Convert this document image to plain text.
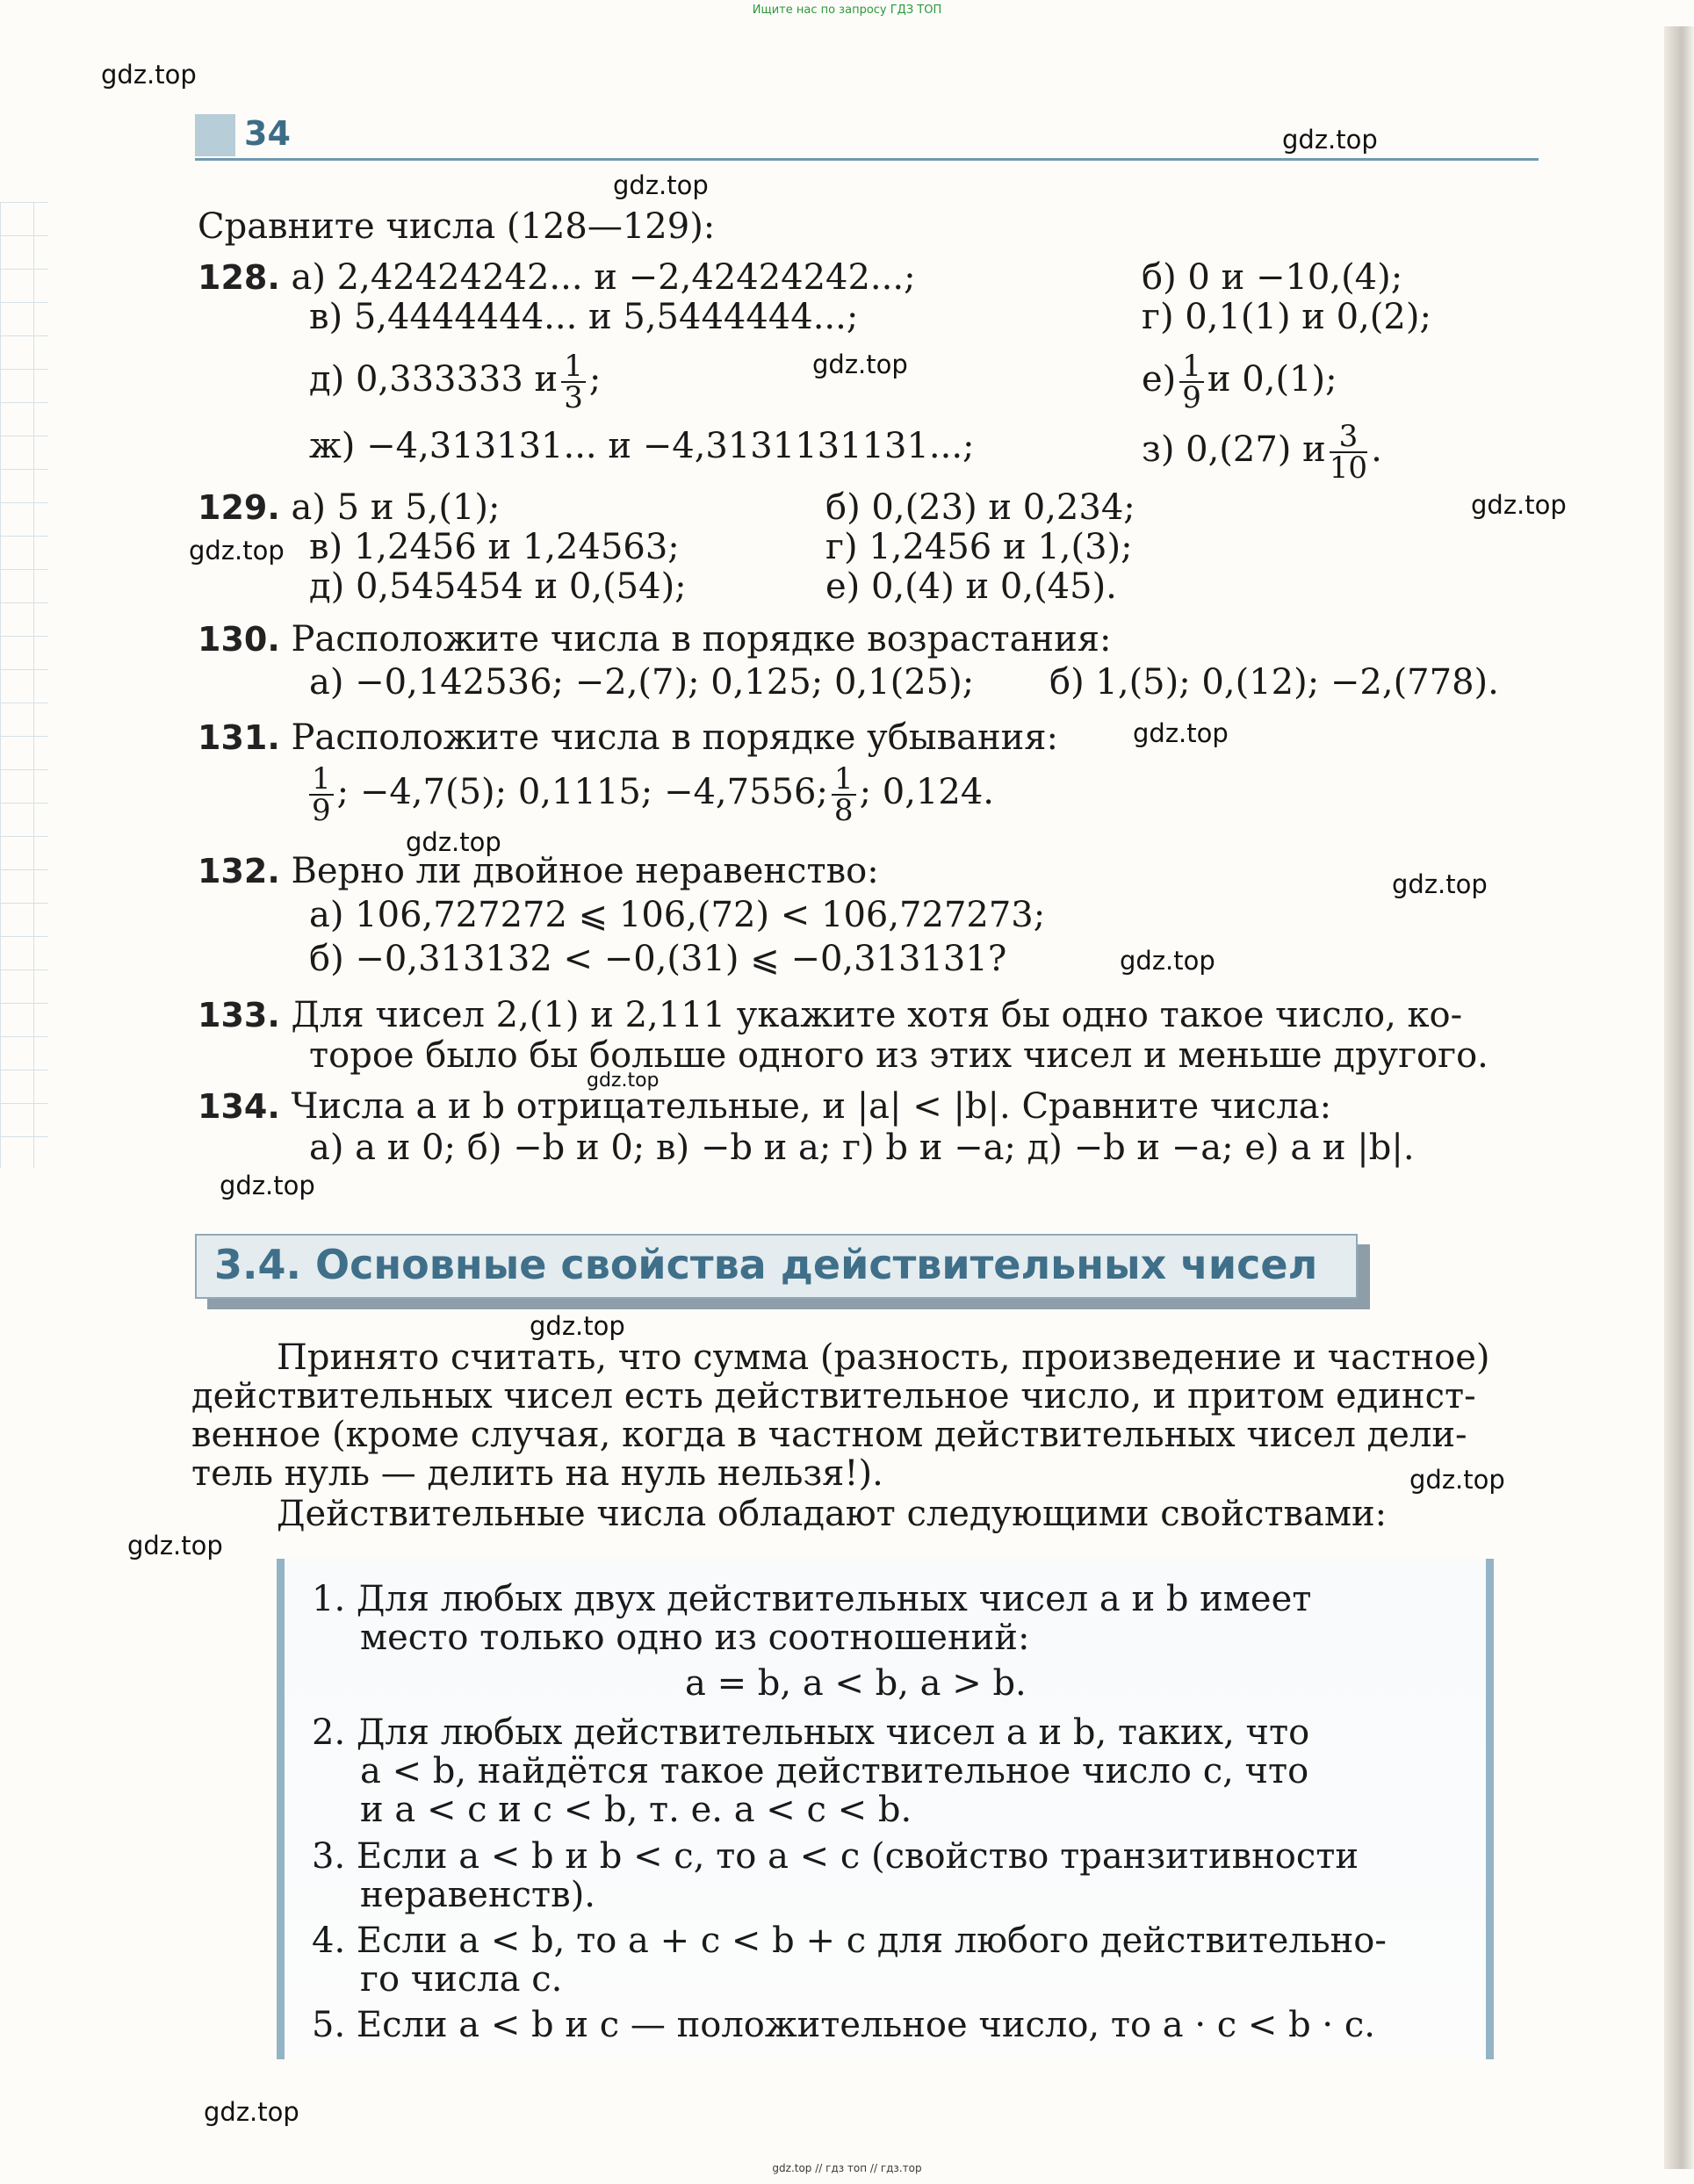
Ищите нас по запросу ГДЗ ТОП
gdz.top
gdz.top
gdz.top
gdz.top
gdz.top
gdz.top
gdz.top
gdz.top
gdz.top
gdz.top
gdz.top
gdz.top
gdz.top
gdz.top
gdz.top
gdz.top
34
Сравните числа (128—129):
128. а) 2,42424242... и −2,42424242...;	б) 0 и −10,(4);
в) 5,4444444... и 5,5444444...;	г) 0,1(1) и 0,(2);
д) 0,333333 и $\frac{1}{3}$ ;	$е) \frac{1}{9}$ и 0,(1);
ж) −4,313131... и −4,3131131131...;	з) 0,(27) и $\frac{3}{10}$ .
129. а) 5 и 5,(1);	б) 0,(23) и 0,234;
в) 1,2456 и 1,24563;	г) 1,2456 и 1,(3);
д) 0,545454 и 0,(54);	е) 0,(4) и 0,(45).
130. Расположите числа в порядке возрастания:
а) −0,142536; −2,(7); 0,125; 0,1(25); б) 1,(5); 0,(12); −2,(778).
131. Расположите числа в порядке убывания:
$\frac{1}{9}$ ; −4,7(5); 0,1115; −4,7556; $\frac{1}{8}$ ; 0,124.
132. Верно ли двойное неравенство:
а) 106,727272 ⩽ 106,(72) < 106,727273;
б) −0,313132 < −0,(31) ⩽ −0,313131?
133. Для чисел 2,(1) и 2,111 укажите хотя бы одно такое число, ко-
торое было бы больше одного из этих чисел и меньше другого.
134. Числа a и b отрицательные, и |a| < |b|. Сравните числа:
а) a и 0; б) −b и 0; в) −b и a; г) b и −a; д) −b и −a; е) a и |b|.
3.4. Основные свойства действительных чисел
Принято считать, что сумма (разность, произведение и частное)
действительных чисел есть действительное число, и притом единст-
венное (кроме случая, когда в частном действительных чисел дели-
тель нуль — делить на нуль нельзя!).
Действительные числа обладают следующими свойствами:
1. Для любых двух действительных чисел a и b имеет
место только одно из соотношений:
a = b, a < b, a > b.
2. Для любых действительных чисел a и b, таких, что
a < b, найдётся такое действительное число c, что
и a < c и c < b, т. е. a < c < b.
3. Если a < b и b < c, то a < c (свойство транзитивности
неравенств).
4. Если a < b, то a + c < b + c для любого действительно-
го числа c.
5. Если a < b и c — положительное число, то a · c < b · c.
gdz.top // гдз топ // гдз.тор
